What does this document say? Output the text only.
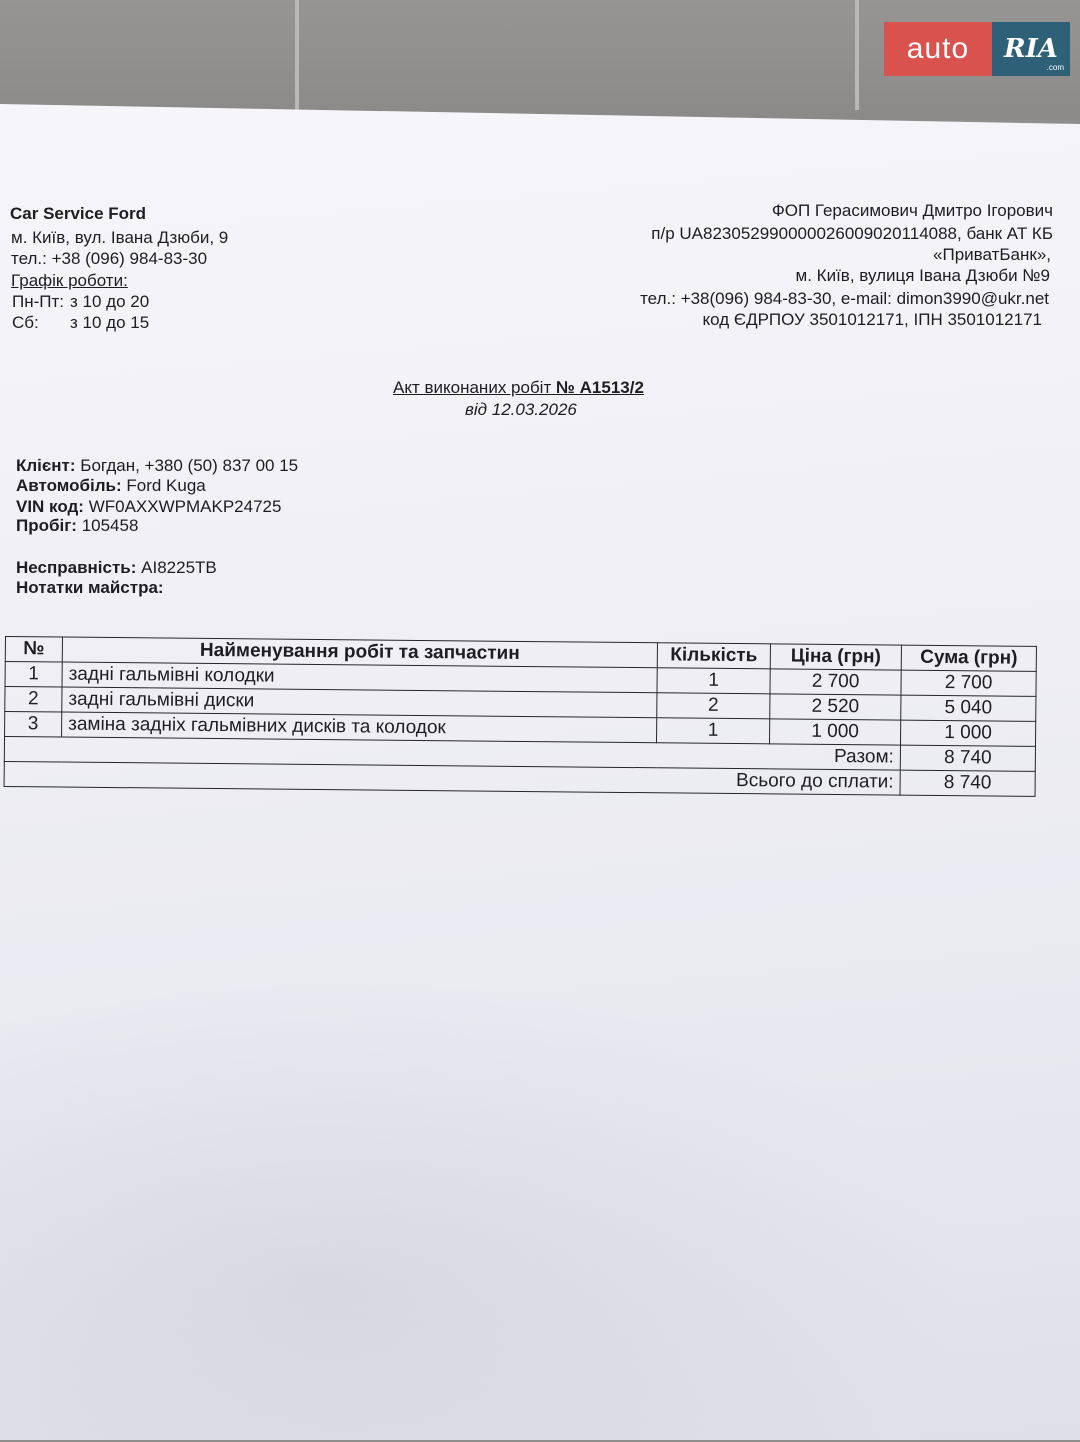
auto	RIA
.com
Car Service Ford
м. Київ, вул. Івана Дзюби, 9
тел.: +38 (096) 984-83-30
Графік роботи:
Пн-Пт: з 10 до 20
Сб: з 10 до 15
ФОП Герасимович Дмитро Ігорович
п/р UA823052990000026009020114088, банк АТ КБ
«ПриватБанк»,
м. Київ, вулиця Івана Дзюби №9
тел.: +38(096) 984-83-30, e-mail: dimon3990@ukr.net
код ЄДРПОУ 3501012171, ІПН 3501012171
Акт виконаних робіт № А1513/2
від 12.03.2026
Клієнт: Богдан, +380 (50) 837 00 15
Автомобіль: Ford Kuga
VIN код: WF0AXXWPMAKP24725
Пробіг: 105458
Несправність: AI8225TB
Нотатки майстра:
№	Найменування робіт та запчастин	Кількість	Ціна (грн)	Сума (грн)
1	задні гальмівні колодки	1	2 700	2 700
2	задні гальмівні диски	2	2 520	5 040
3	заміна задніх гальмівних дисків та колодок	1	1 000	1 000
Разом:				8 740
Всього до сплати:				8 740
